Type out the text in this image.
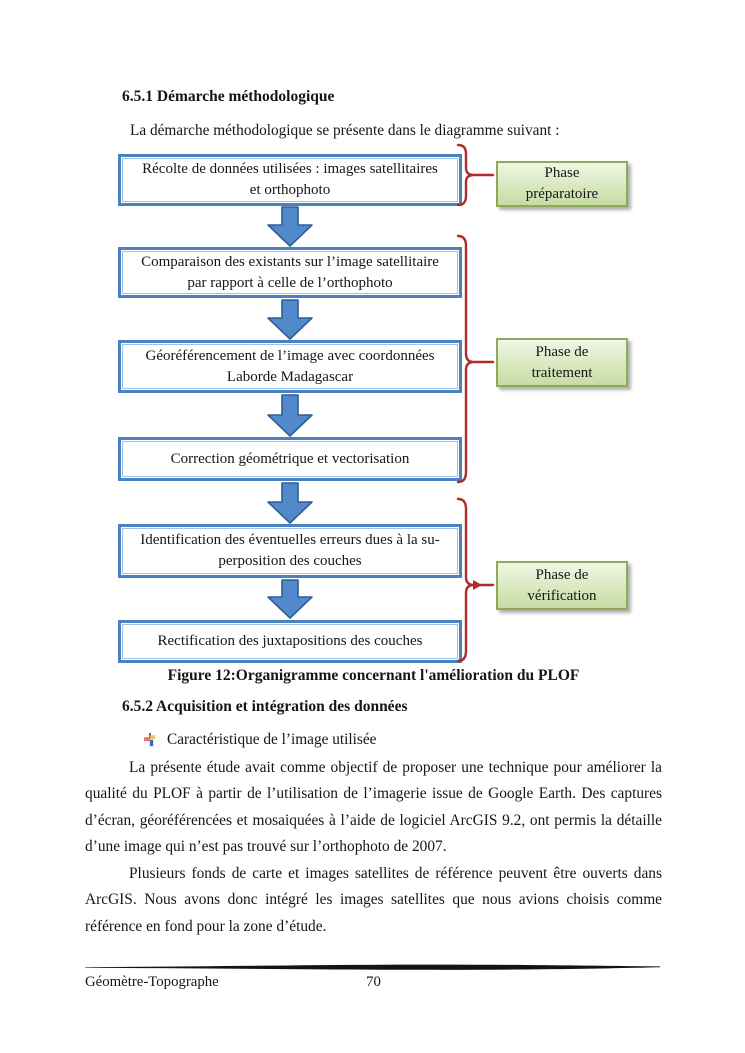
6.5.1 Démarche méthodologique
La démarche méthodologique se présente dans le diagramme suivant :
Récolte de données utilisées : images satellitaires
et orthophoto
Comparaison des existants sur l’image satellitaire
par rapport à celle de l’orthophoto
Géoréférencement de l’image avec coordonnées
Laborde Madagascar
Correction géométrique et vectorisation
Identification des éventuelles erreurs dues à la su-
perposition des couches
Rectification des juxtapositions des couches
Phase
préparatoire
Phase de
traitement
Phase de
vérification
Figure 12:Organigramme concernant l'amélioration du PLOF
6.5.2 Acquisition et intégration des données
Caractéristique de l’image utilisée
La présente étude avait comme objectif de proposer une technique pour améliorer la qualité du PLOF à partir de l’utilisation de l’imagerie issue de Google Earth. Des captures d’écran, géoréférencées et mosaiquées à l’aide de logiciel ArcGIS 9.2, ont permis la détaille d’une image qui n’est pas trouvé sur l’orthophoto de 2007.
Plusieurs fonds de carte et images satellites de référence peuvent être ouverts dans ArcGIS. Nous avons donc intégré les images satellites que nous avions choisis comme référence en fond pour la zone d’étude.
Géomètre-Topographe	70
